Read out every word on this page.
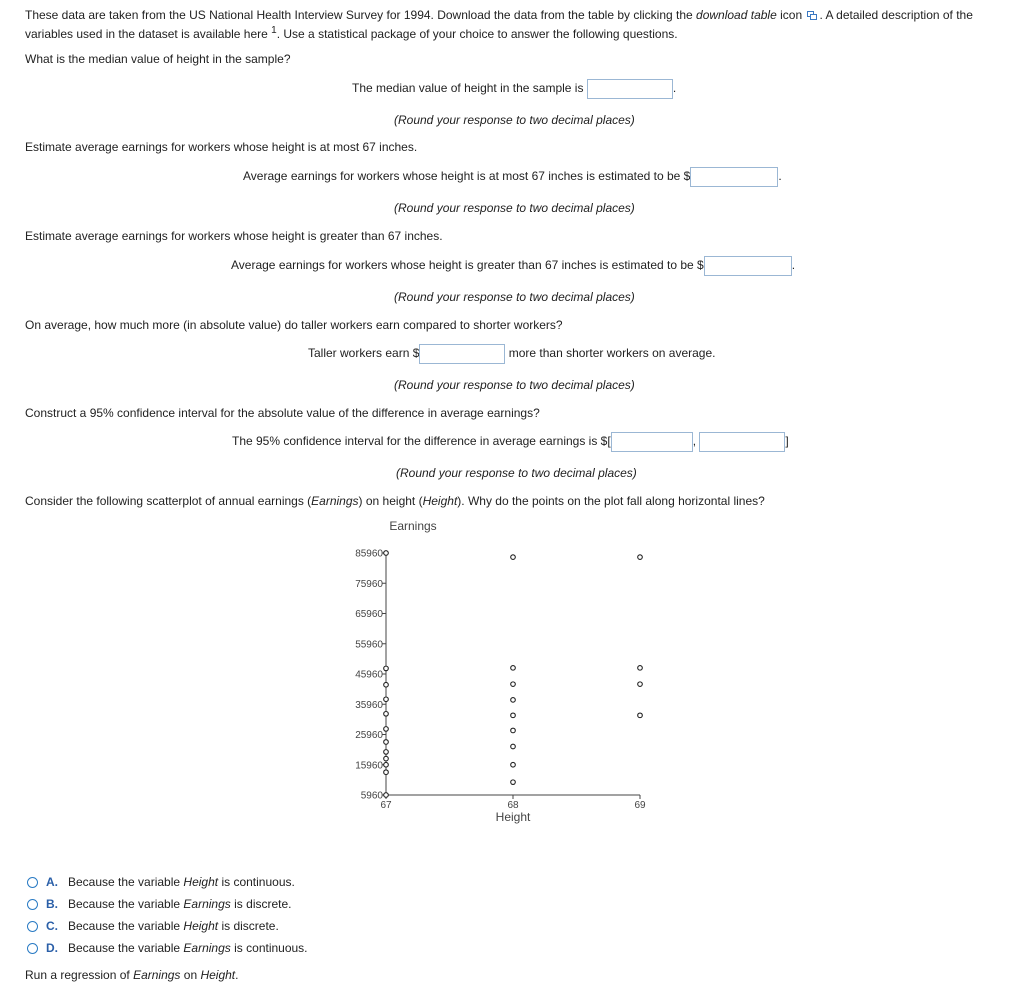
These data are taken from the US National Health Interview Survey for 1994. Download the data from the table by clicking the download table icon . A detailed description of the variables used in the dataset is available here $^1$. Use a statistical package of your choice to answer the following questions.
What is the median value of height in the sample?
The median value of height in the sample is	.
(Round your response to two decimal places)
Estimate average earnings for workers whose height is at most 67 inches.
Average earnings for workers whose height is at most 67 inches is estimated to be $	.
(Round your response to two decimal places)
Estimate average earnings for workers whose height is greater than 67 inches.
Average earnings for workers whose height is greater than 67 inches is estimated to be $	.
(Round your response to two decimal places)
On average, how much more (in absolute value) do taller workers earn compared to shorter workers?
Taller workers earn $	more than shorter workers on average.
(Round your response to two decimal places)
Construct a 95% confidence interval for the absolute value of the difference in average earnings?
The 95% confidence interval for the difference in average earnings is $[	,	]
(Round your response to two decimal places)
Consider the following scatterplot of annual earnings (Earnings) on height (Height). Why do the points on the plot fall along horizontal lines?
85960
75960
65960
55960
45960
35960
25960
15960
5960
67	68	69
Earnings
Height
A. Because the variable
Height
is continuous.
B. Because the variable
Earnings
is discrete.
C. Because the variable
Height
is discrete.
D. Because the variable
Earnings
is continuous.
Run a regression of Earnings on Height.
